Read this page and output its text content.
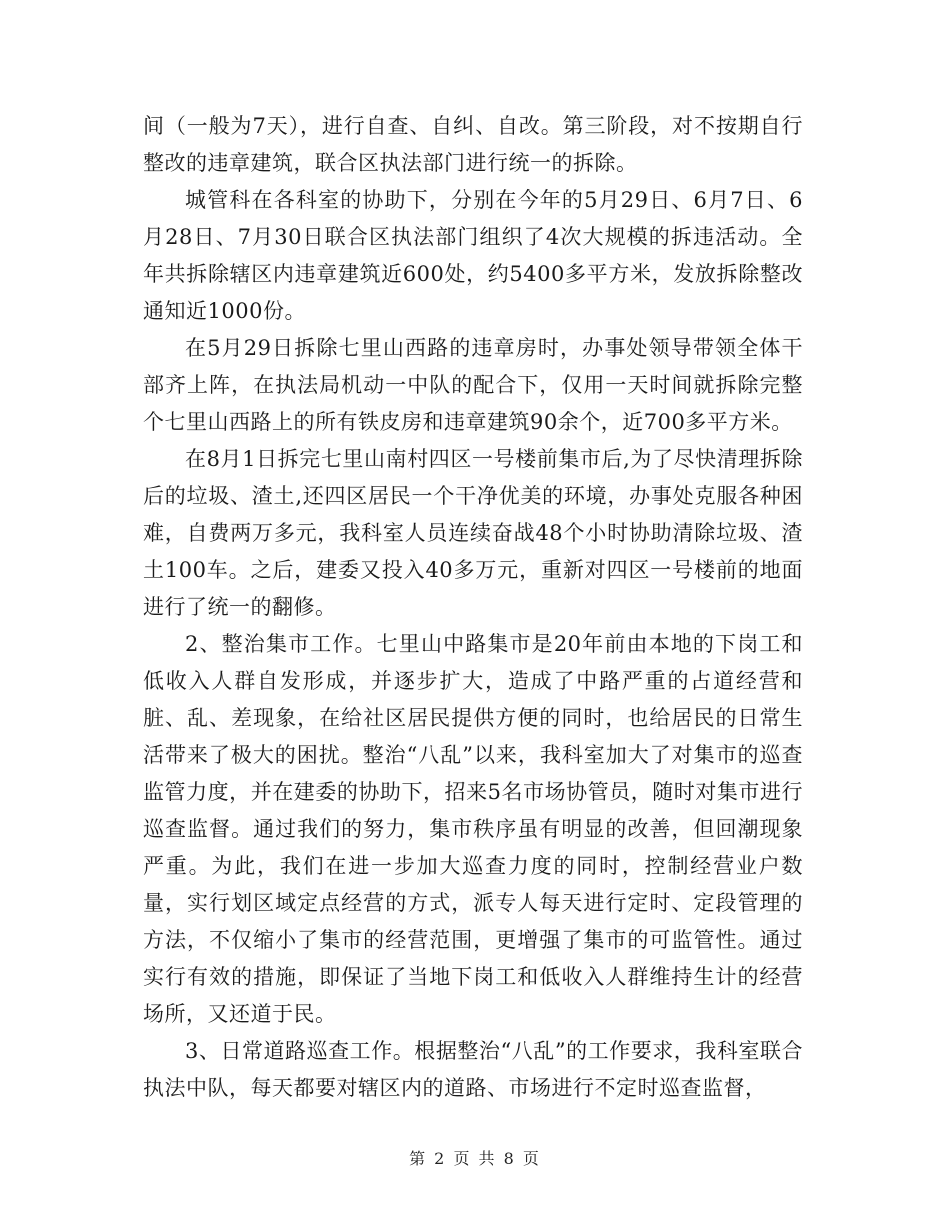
间（一般为7天），进行自查、自纠、自改。第三阶段，对不按期自行整改的违章建筑，联合区执法部门进行统一的拆除。

城管科在各科室的协助下，分别在今年的5月29日、6月7日、6月28日、7月30日联合区执法部门组织了4次大规模的拆违活动。全年共拆除辖区内违章建筑近600处，约5400多平方米，发放拆除整改通知近1000份。

在5月29日拆除七里山西路的违章房时，办事处领导带领全体干部齐上阵，在执法局机动一中队的配合下，仅用一天时间就拆除完整个七里山西路上的所有铁皮房和违章建筑90余个，近700多平方米。

在8月1日拆完七里山南村四区一号楼前集市后,为了尽快清理拆除后的垃圾、渣土,还四区居民一个干净优美的环境，办事处克服各种困难，自费两万多元，我科室人员连续奋战48个小时协助清除垃圾、渣土100车。之后，建委又投入40多万元，重新对四区一号楼前的地面进行了统一的翻修。

2、整治集市工作。七里山中路集市是20年前由本地的下岗工和低收入人群自发形成，并逐步扩大，造成了中路严重的占道经营和脏、乱、差现象，在给社区居民提供方便的同时，也给居民的日常生活带来了极大的困扰。整治“八乱”以来，我科室加大了对集市的巡查监管力度，并在建委的协助下，招来5名市场协管员，随时对集市进行巡查监督。通过我们的努力，集市秩序虽有明显的改善，但回潮现象严重。为此，我们在进一步加大巡查力度的同时，控制经营业户数量，实行划区域定点经营的方式，派专人每天进行定时、定段管理的方法，不仅缩小了集市的经营范围，更增强了集市的可监管性。通过实行有效的措施，即保证了当地下岗工和低收入人群维持生计的经营场所，又还道于民。

3、日常道路巡查工作。根据整治“八乱”的工作要求，我科室联合执法中队，每天都要对辖区内的道路、市场进行不定时巡查监督，

第 2 页 共 8 页
